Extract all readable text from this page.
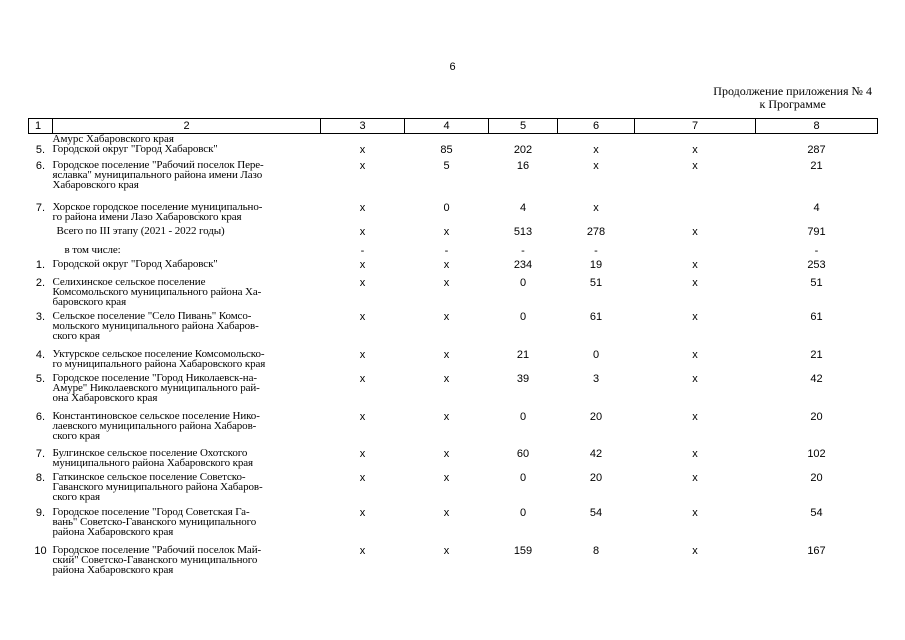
6
Продолжение приложения № 4
к Программе
1	2	3	4	5	6	7	8
	Амурс Хабаровского края						
5.	Городской округ "Город Хабаровск"	х	85	202	х	х	287
6.	Городское поселение "Рабочий поселок Пере-
яславка" муниципального района имени Лазо
Хабаровского края	х	5	16	х	х	21
7.	Хорское городское поселение муниципально-
го района имени Лазо Хабаровского края	х	0	4	х		4
	Всего по III этапу (2021 - 2022 годы)	х	х	513	278	х	791
	в том числе:	-	-	-	-		-
1.	Городской округ "Город Хабаровск"	х	х	234	19	х	253
2.	Селихинское сельское поселение
Комсомольского муниципального района Ха-
баровского края	х	х	0	51	х	51
3.	Сельское поселение "Село Пивань" Комсо-
мольского муниципального района Хабаров-
ского края	х	х	0	61	х	61
4.	Уктурское сельское поселение Комсомольско-
го муниципального района Хабаровского края	х	х	21	0	х	21
5.	Городское поселение "Город Николаевск-на-
Амуре" Николаевского муниципального рай-
она Хабаровского края	х	х	39	3	х	42
6.	Константиновское сельское поселение Нико-
лаевского муниципального района Хабаров-
ского края	х	х	0	20	х	20
7.	Булгинское сельское поселение Охотского
муниципального района Хабаровского края	х	х	60	42	х	102
8.	Гаткинское сельское поселение Советско-
Гаванского муниципального района Хабаров-
ского края	х	х	0	20	х	20
9.	Городское поселение "Город Советская Га-
вань" Советско-Гаванского муниципального
района Хабаровского края	х	х	0	54	х	54
10	Городское поселение "Рабочий поселок Май-
ский" Советско-Гаванского муниципального
района Хабаровского края	х	х	159	8	х	167
